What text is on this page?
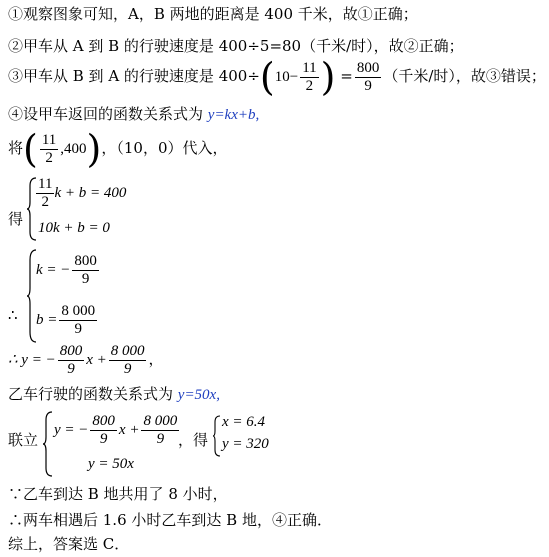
①观察图象可知，A，B 两地的距离是 400 千米，故①正确；
②甲车从 A 到 B 的行驶速度是 400÷5=80（千米/时），故②正确；
③甲车从 B 到 A 的行驶速度是 $400\div(10- \frac{11}{2}$ ) = $\frac{800}{9}$ （千米/时），故③错误；
④设甲车返回的函数关系式为 y=kx+b,
将( $\frac{11}{2} ,400$)，（10，0）代入，
得
$\frac{11}{2}$ k + b = 400
10k + b = 0
∴
k = − $\frac{800}{9}$
$b = \frac{8 000}{9}$
∴ y = − $\frac{800}{9}$ $x + \frac{8 000}{9}$ ，
乙车行驶的函数关系式为 y=50x,
联立
y = − $\frac{800}{9}$ $x + \frac{8 000}{9}$
y = 50x
，得
x = 6.4
y = 320
∵乙车到达 B 地共用了 8 小时，
∴两车相遇后 1.6 小时乙车到达 B 地，④正确．
综上，答案选 C．
